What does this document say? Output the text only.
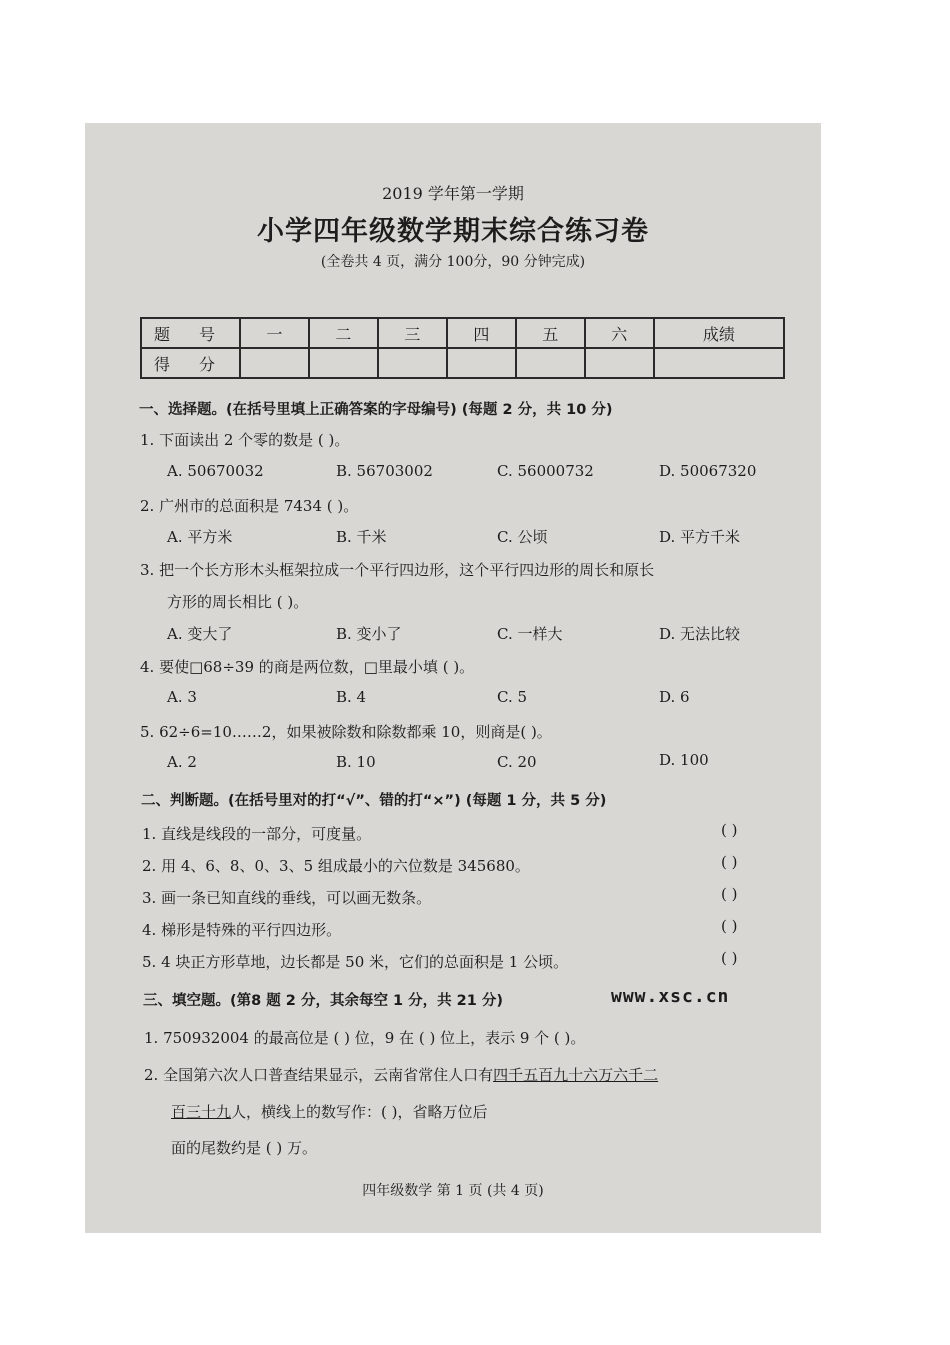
2019 学年第一学期
小学四年级数学期末综合练习卷
(全卷共 4 页，满分 100分，90 分钟完成)
题 号	一	二	三	四	五	六	成绩
得 分							
一、选择题。(在括号里填上正确答案的字母编号) (每题 2 分，共 10 分)
1. 下面读出 2 个零的数是 ( )。
A. 50670032	B. 56703002	C. 56000732	D. 50067320
2. 广州市的总面积是 7434 ( )。
A. 平方米	B. 千米	C. 公顷	D. 平方千米
3. 把一个长方形木头框架拉成一个平行四边形，这个平行四边形的周长和原长
方形的周长相比 ( )。
A. 变大了	B. 变小了	C. 一样大	D. 无法比较
4. 要使□68÷39 的商是两位数，□里最小填 ( )。
A. 3	B. 4	C. 5	D. 6
5. 62÷6=10……2，如果被除数和除数都乘 10，则商是( )。
A. 2	B. 10	C. 20	D. 100
二、判断题。(在括号里对的打“√”、错的打“×”) (每题 1 分，共 5 分)
1. 直线是线段的一部分，可度量。	( )
2. 用 4、6、8、0、3、5 组成最小的六位数是 345680。	( )
3. 画一条已知直线的垂线，可以画无数条。	( )
4. 梯形是特殊的平行四边形。	( )
5. 4 块正方形草地，边长都是 50 米，它们的总面积是 1 公顷。	( )
三、填空题。(第8 题 2 分，其余每空 1 分，共 21 分)	www.xsc.cn
1. 750932004 的最高位是 ( ) 位，9 在 ( ) 位上，表示 9 个 ( )。
2. 全国第六次人口普查结果显示，云南省常住人口有四千五百九十六万六千二
百三十九人，横线上的数写作：( )，省略万位后
面的尾数约是 ( ) 万。
四年级数学 第 1 页 (共 4 页)
